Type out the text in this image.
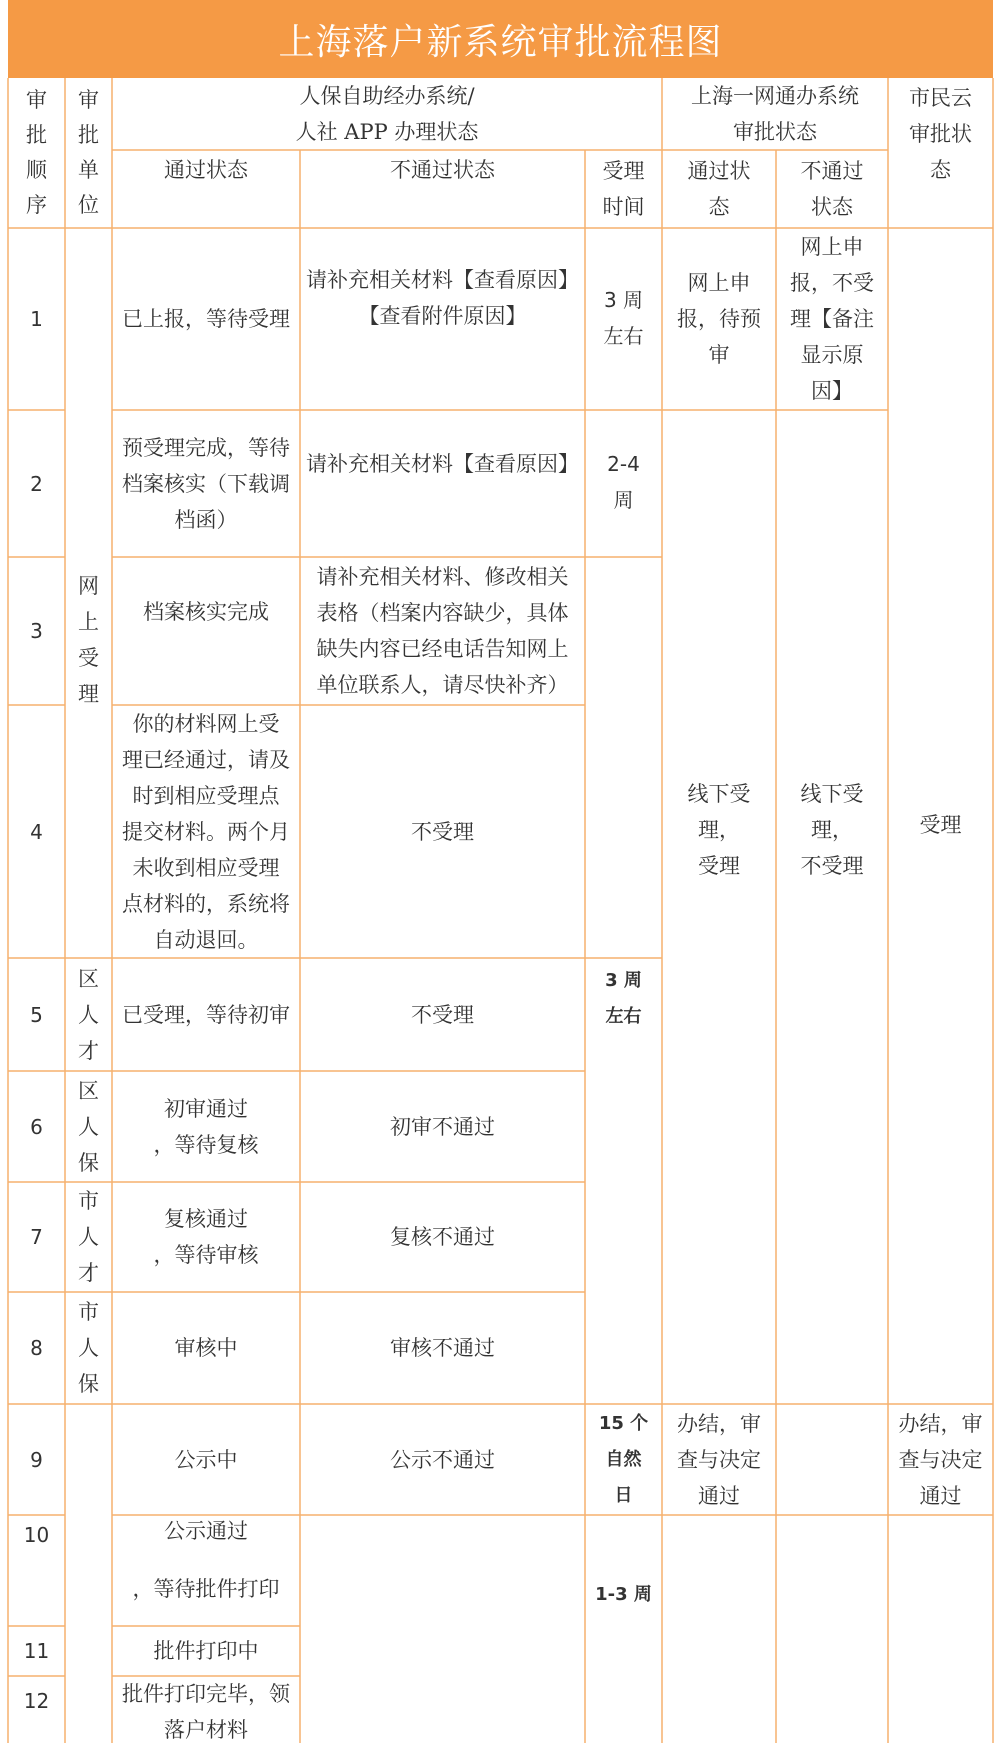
上海落户新系统审批流程图
审
批
顺
序
审
批
单
位
人保自助经办系统/
人社 APP 办理状态
上海一网通办系统
审批状态
市民云
审批状
态
通过状态	不通过状态	受理
时间
通过状
态
不通过
状态
1
2
3
4
5
6
7
8
9
10
11
12
网
上
受
理
区
人
才
区
人
保
市
人
才
市
人
保
已上报，等待受理
预受理完成，等待
档案核实（下载调
档函）
档案核实完成
你的材料网上受
理已经通过，请及
时到相应受理点
提交材料。两个月
未收到相应受理
点材料的，系统将
自动退回。
已受理，等待初审
初审通过
，等待复核
复核通过
，等待审核
审核中
公示中
公示通过

，等待批件打印
批件打印中
批件打印完毕，领
落户材料
请补充相关材料【查看原因】
【查看附件原因】
请补充相关材料【查看原因】
请补充相关材料、修改相关
表格（档案内容缺少，具体
缺失内容已经电话告知网上
单位联系人，请尽快补齐）
不受理
不受理
初审不通过
复核不通过
审核不通过
公示不通过
3 周
左右
2-4
周
3 周
左右
15 个
自然
日
1-3 周
网上申
报，待预
审
网上申
报，不受
理【备注
显示原
因】
线下受
理，
受理
线下受
理，
不受理
办结，审
查与决定
通过
受理
办结，审
查与决定
通过
